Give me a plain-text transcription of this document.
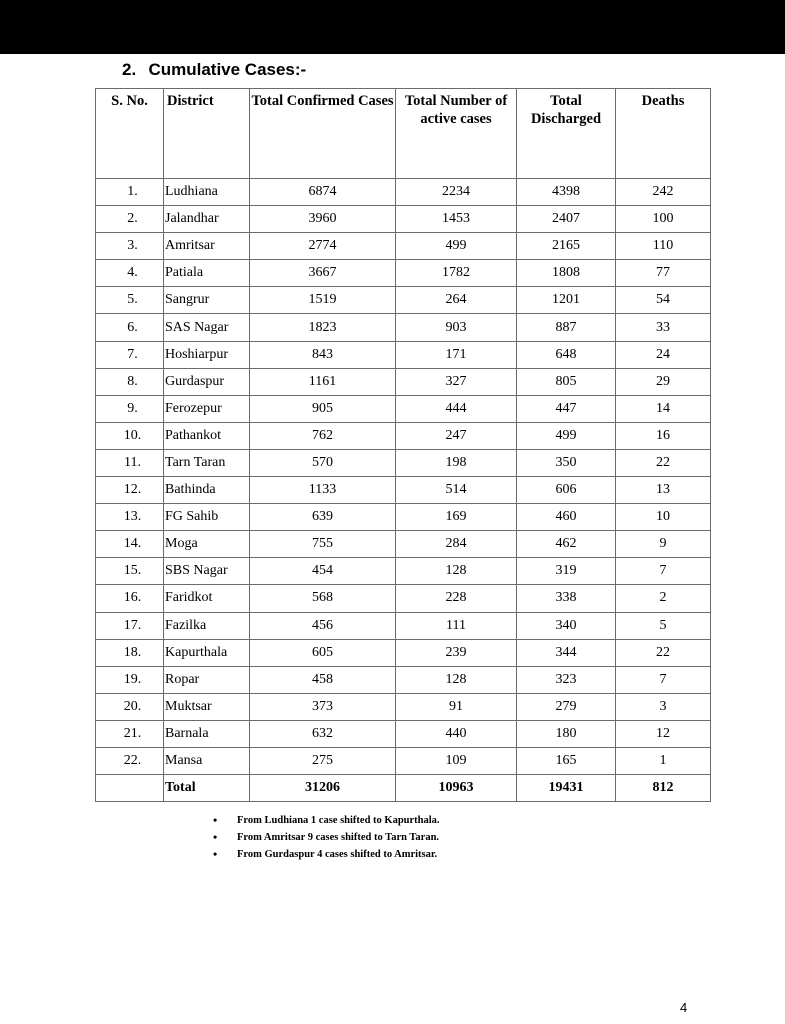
2. Cumulative Cases:-
S. No.	District	Total Confirmed Cases	Total Number of active cases	Total Discharged	Deaths
1.	Ludhiana	6874	2234	4398	242
2.	Jalandhar	3960	1453	2407	100
3.	Amritsar	2774	499	2165	110
4.	Patiala	3667	1782	1808	77
5.	Sangrur	1519	264	1201	54
6.	SAS Nagar	1823	903	887	33
7.	Hoshiarpur	843	171	648	24
8.	Gurdaspur	1161	327	805	29
9.	Ferozepur	905	444	447	14
10.	Pathankot	762	247	499	16
11.	Tarn Taran	570	198	350	22
12.	Bathinda	1133	514	606	13
13.	FG Sahib	639	169	460	10
14.	Moga	755	284	462	9
15.	SBS Nagar	454	128	319	7
16.	Faridkot	568	228	338	2
17.	Fazilka	456	111	340	5
18.	Kapurthala	605	239	344	22
19.	Ropar	458	128	323	7
20.	Muktsar	373	91	279	3
21.	Barnala	632	440	180	12
22.	Mansa	275	109	165	1
	Total	31206	10963	19431	812
• From Ludhiana 1 case shifted to Kapurthala.
• From Amritsar 9 cases shifted to Tarn Taran.
• From Gurdaspur 4 cases shifted to Amritsar.
4
